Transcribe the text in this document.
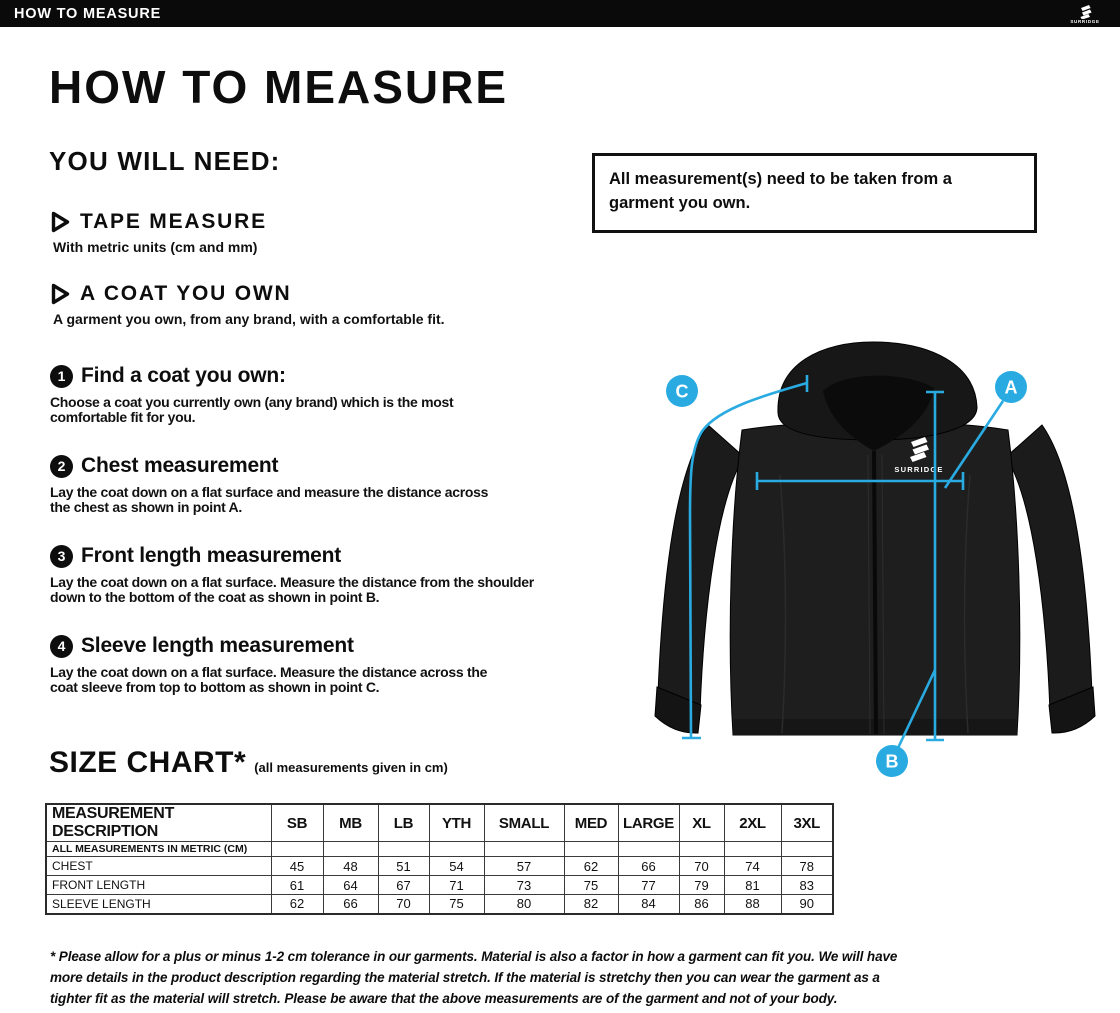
HOW TO MEASURE	SURRIDGE
HOW TO MEASURE
YOU WILL NEED:
TAPE MEASURE
With metric units (cm and mm)
A COAT YOU OWN
A garment you own, from any brand, with a comfortable fit.
All measurement(s) need to be taken from a
garment you own.
1 Find a coat you own:
Choose a coat you currently own (any brand) which is the most
comfortable fit for you.
2 Chest measurement
Lay the coat down on a flat surface and measure the distance across
the chest as shown in point A.
3 Front length measurement
Lay the coat down on a flat surface. Measure the distance from the shoulder
down to the bottom of the coat as shown in point B.
4 Sleeve length measurement
Lay the coat down on a flat surface. Measure the distance across the
coat sleeve from top to bottom as shown in point C.
SURRIDGE
A
B
C
SIZE CHART* (all measurements given in cm)
MEASUREMENT DESCRIPTION	SB	MB	LB	YTH	SMALL	MED	LARGE	XL	2XL	3XL
ALL MEASUREMENTS IN METRIC (CM)										
CHEST	45	48	51	54	57	62	66	70	74	78
FRONT LENGTH	61	64	67	71	73	75	77	79	81	83
SLEEVE LENGTH	62	66	70	75	80	82	84	86	88	90
* Please allow for a plus or minus 1-2 cm tolerance in our garments. Material is also a factor in how a garment can fit you. We will have
more details in the product description regarding the material stretch. If the material is stretchy then you can wear the garment as a
tighter fit as the material will stretch. Please be aware that the above measurements are of the garment and not of your body.
